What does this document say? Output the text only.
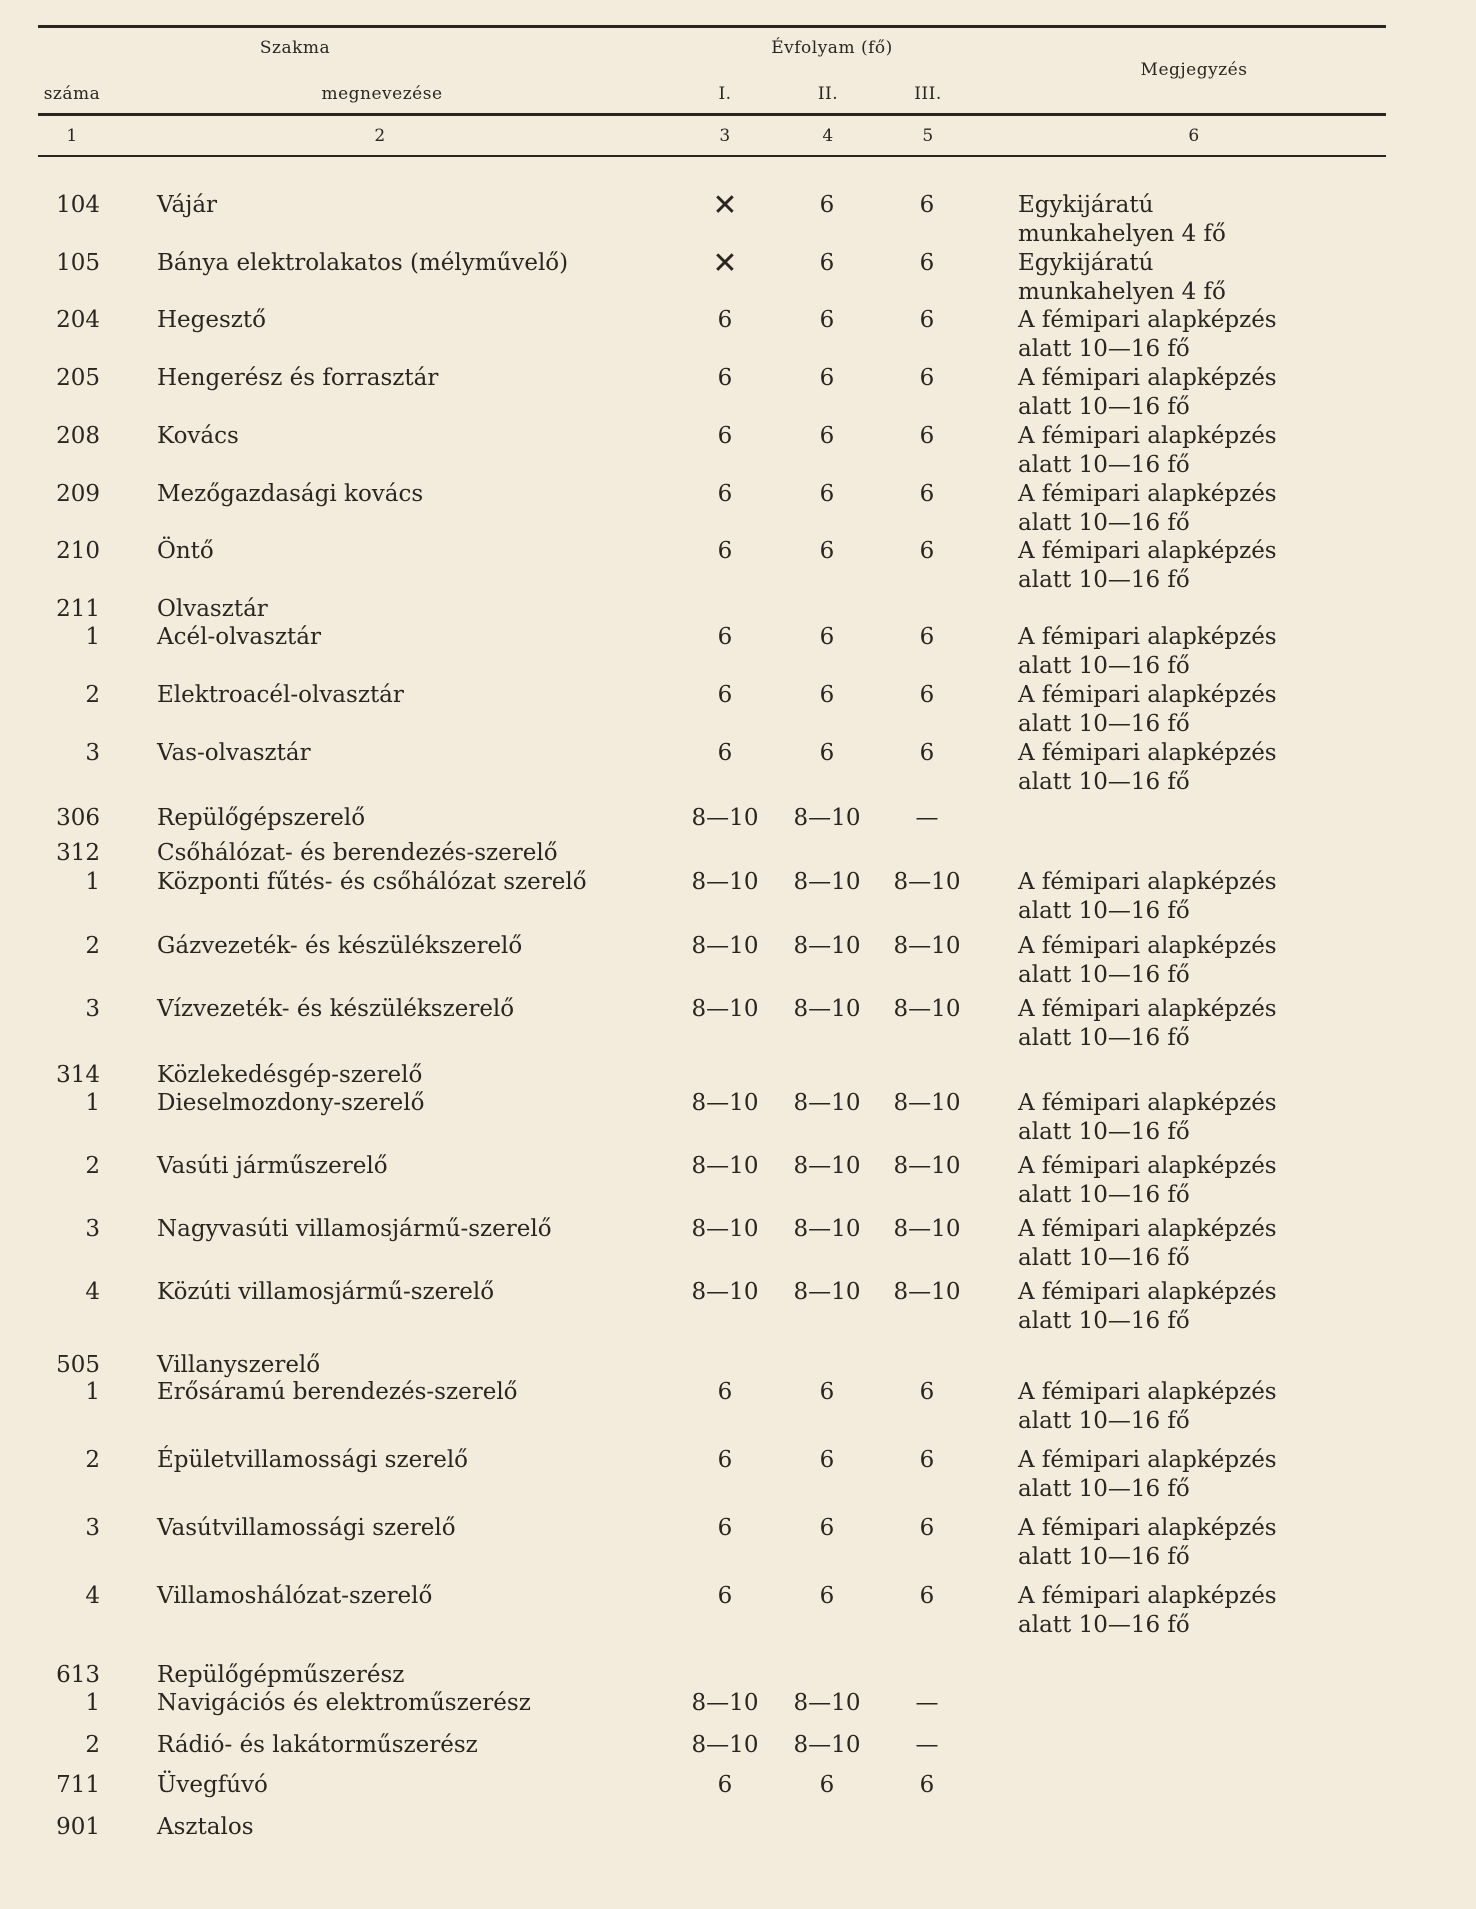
Szakma	Évfolyam (fő)
Megjegyzés
száma	megnevezése	I.	II.	III.
1	2	3	4	5	6
104 Vájár	✕	6	6	Egykijáratú
munkahelyen 4 fő
105 Bánya elektrolakatos (mélyművelő)	✕	6	6	Egykijáratú
munkahelyen 4 fő
204 Hegesztő	6	6	6	A fémipari alapképzés
alatt 10—16 fő
205 Hengerész és forrasztár	6	6	6	A fémipari alapképzés
alatt 10—16 fő
208 Kovács	6	6	6	A fémipari alapképzés
alatt 10—16 fő
209 Mezőgazdasági kovács	6	6	6	A fémipari alapképzés
alatt 10—16 fő
210 Öntő	6	6	6	A fémipari alapképzés
alatt 10—16 fő
211 Olvasztár
1 Acél-olvasztár	6	6	6	A fémipari alapképzés
alatt 10—16 fő
2 Elektroacél-olvasztár	6	6	6	A fémipari alapképzés
alatt 10—16 fő
3 Vas-olvasztár	6	6	6	A fémipari alapképzés
alatt 10—16 fő
306 Repülőgépszerelő	8—10	8—10	—
312 Csőhálózat- és berendezés-szerelő
1 Központi fűtés- és csőhálózat szerelő	8—10	8—10	8—10	A fémipari alapképzés
alatt 10—16 fő
2 Gázvezeték- és készülékszerelő	8—10	8—10	8—10	A fémipari alapképzés
alatt 10—16 fő
3 Vízvezeték- és készülékszerelő	8—10	8—10	8—10	A fémipari alapképzés
alatt 10—16 fő
314 Közlekedésgép-szerelő
1 Dieselmozdony-szerelő	8—10	8—10	8—10	A fémipari alapképzés
alatt 10—16 fő
2 Vasúti járműszerelő	8—10	8—10	8—10	A fémipari alapképzés
alatt 10—16 fő
3 Nagyvasúti villamosjármű-szerelő	8—10	8—10	8—10	A fémipari alapképzés
alatt 10—16 fő
4 Közúti villamosjármű-szerelő	8—10	8—10	8—10	A fémipari alapképzés
alatt 10—16 fő
505 Villanyszerelő
1 Erősáramú berendezés-szerelő	6	6	6	A fémipari alapképzés
alatt 10—16 fő
2 Épületvillamossági szerelő	6	6	6	A fémipari alapképzés
alatt 10—16 fő
3 Vasútvillamossági szerelő	6	6	6	A fémipari alapképzés
alatt 10—16 fő
4 Villamoshálózat-szerelő	6	6	6	A fémipari alapképzés
alatt 10—16 fő
613 Repülőgépműszerész
1 Navigációs és elektroműszerész	8—10	8—10	—
2 Rádió- és lakátorműszerész	8—10	8—10	—
711 Üvegfúvó	6	6	6
901 Asztalos
